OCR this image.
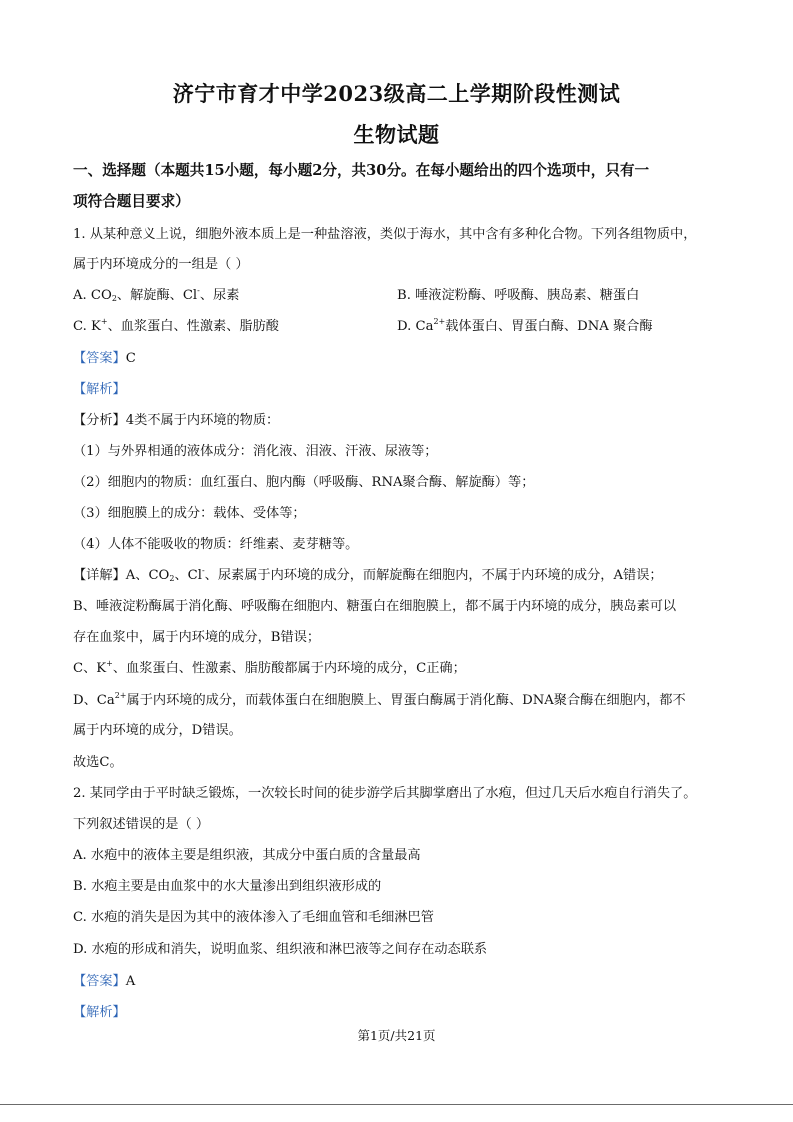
济宁市育才中学2023级高二上学期阶段性测试
生物试题
一、选择题（本题共15小题，每小题2分，共30分。在每小题给出的四个选项中，只有一
项符合题目要求）
1. 从某种意义上说，细胞外液本质上是一种盐溶液，类似于海水，其中含有多种化合物。下列各组物质中，
属于内环境成分的一组是（ ）
A. $CO_2$、解旋酶、Cl-、尿素	B. 唾液淀粉酶、呼吸酶、胰岛素、糖蛋白
C. K+、血浆蛋白、性激素、脂肪酸	D. $Ca^{2+}$载体蛋白、胃蛋白酶、DNA 聚合酶
【答案】C
【解析】
【分析】4类不属于内环境的物质：
（1）与外界相通的液体成分：消化液、泪液、汗液、尿液等；
（2）细胞内的物质：血红蛋白、胞内酶（呼吸酶、RNA聚合酶、解旋酶）等；
（3）细胞膜上的成分：载体、受体等；
（4）人体不能吸收的物质：纤维素、麦芽糖等。
【详解】A、$CO_2$、Cl-、尿素属于内环境的成分，而解旋酶在细胞内，不属于内环境的成分，A错误；
B、唾液淀粉酶属于消化酶、呼吸酶在细胞内、糖蛋白在细胞膜上，都不属于内环境的成分，胰岛素可以
存在血浆中，属于内环境的成分，B错误；
C、K+、血浆蛋白、性激素、脂肪酸都属于内环境的成分，C正确；
D、$Ca^{2+}$属于内环境的成分，而载体蛋白在细胞膜上、胃蛋白酶属于消化酶、DNA聚合酶在细胞内，都不
属于内环境的成分，D错误。
故选C。
2. 某同学由于平时缺乏锻炼，一次较长时间的徒步游学后其脚掌磨出了水疱，但过几天后水疱自行消失了。
下列叙述错误的是（ ）
A. 水疱中的液体主要是组织液，其成分中蛋白质的含量最高
B. 水疱主要是由血浆中的水大量渗出到组织液形成的
C. 水疱的消失是因为其中的液体渗入了毛细血管和毛细淋巴管
D. 水疱的形成和消失，说明血浆、组织液和淋巴液等之间存在动态联系
【答案】A
【解析】
第1页/共21页
